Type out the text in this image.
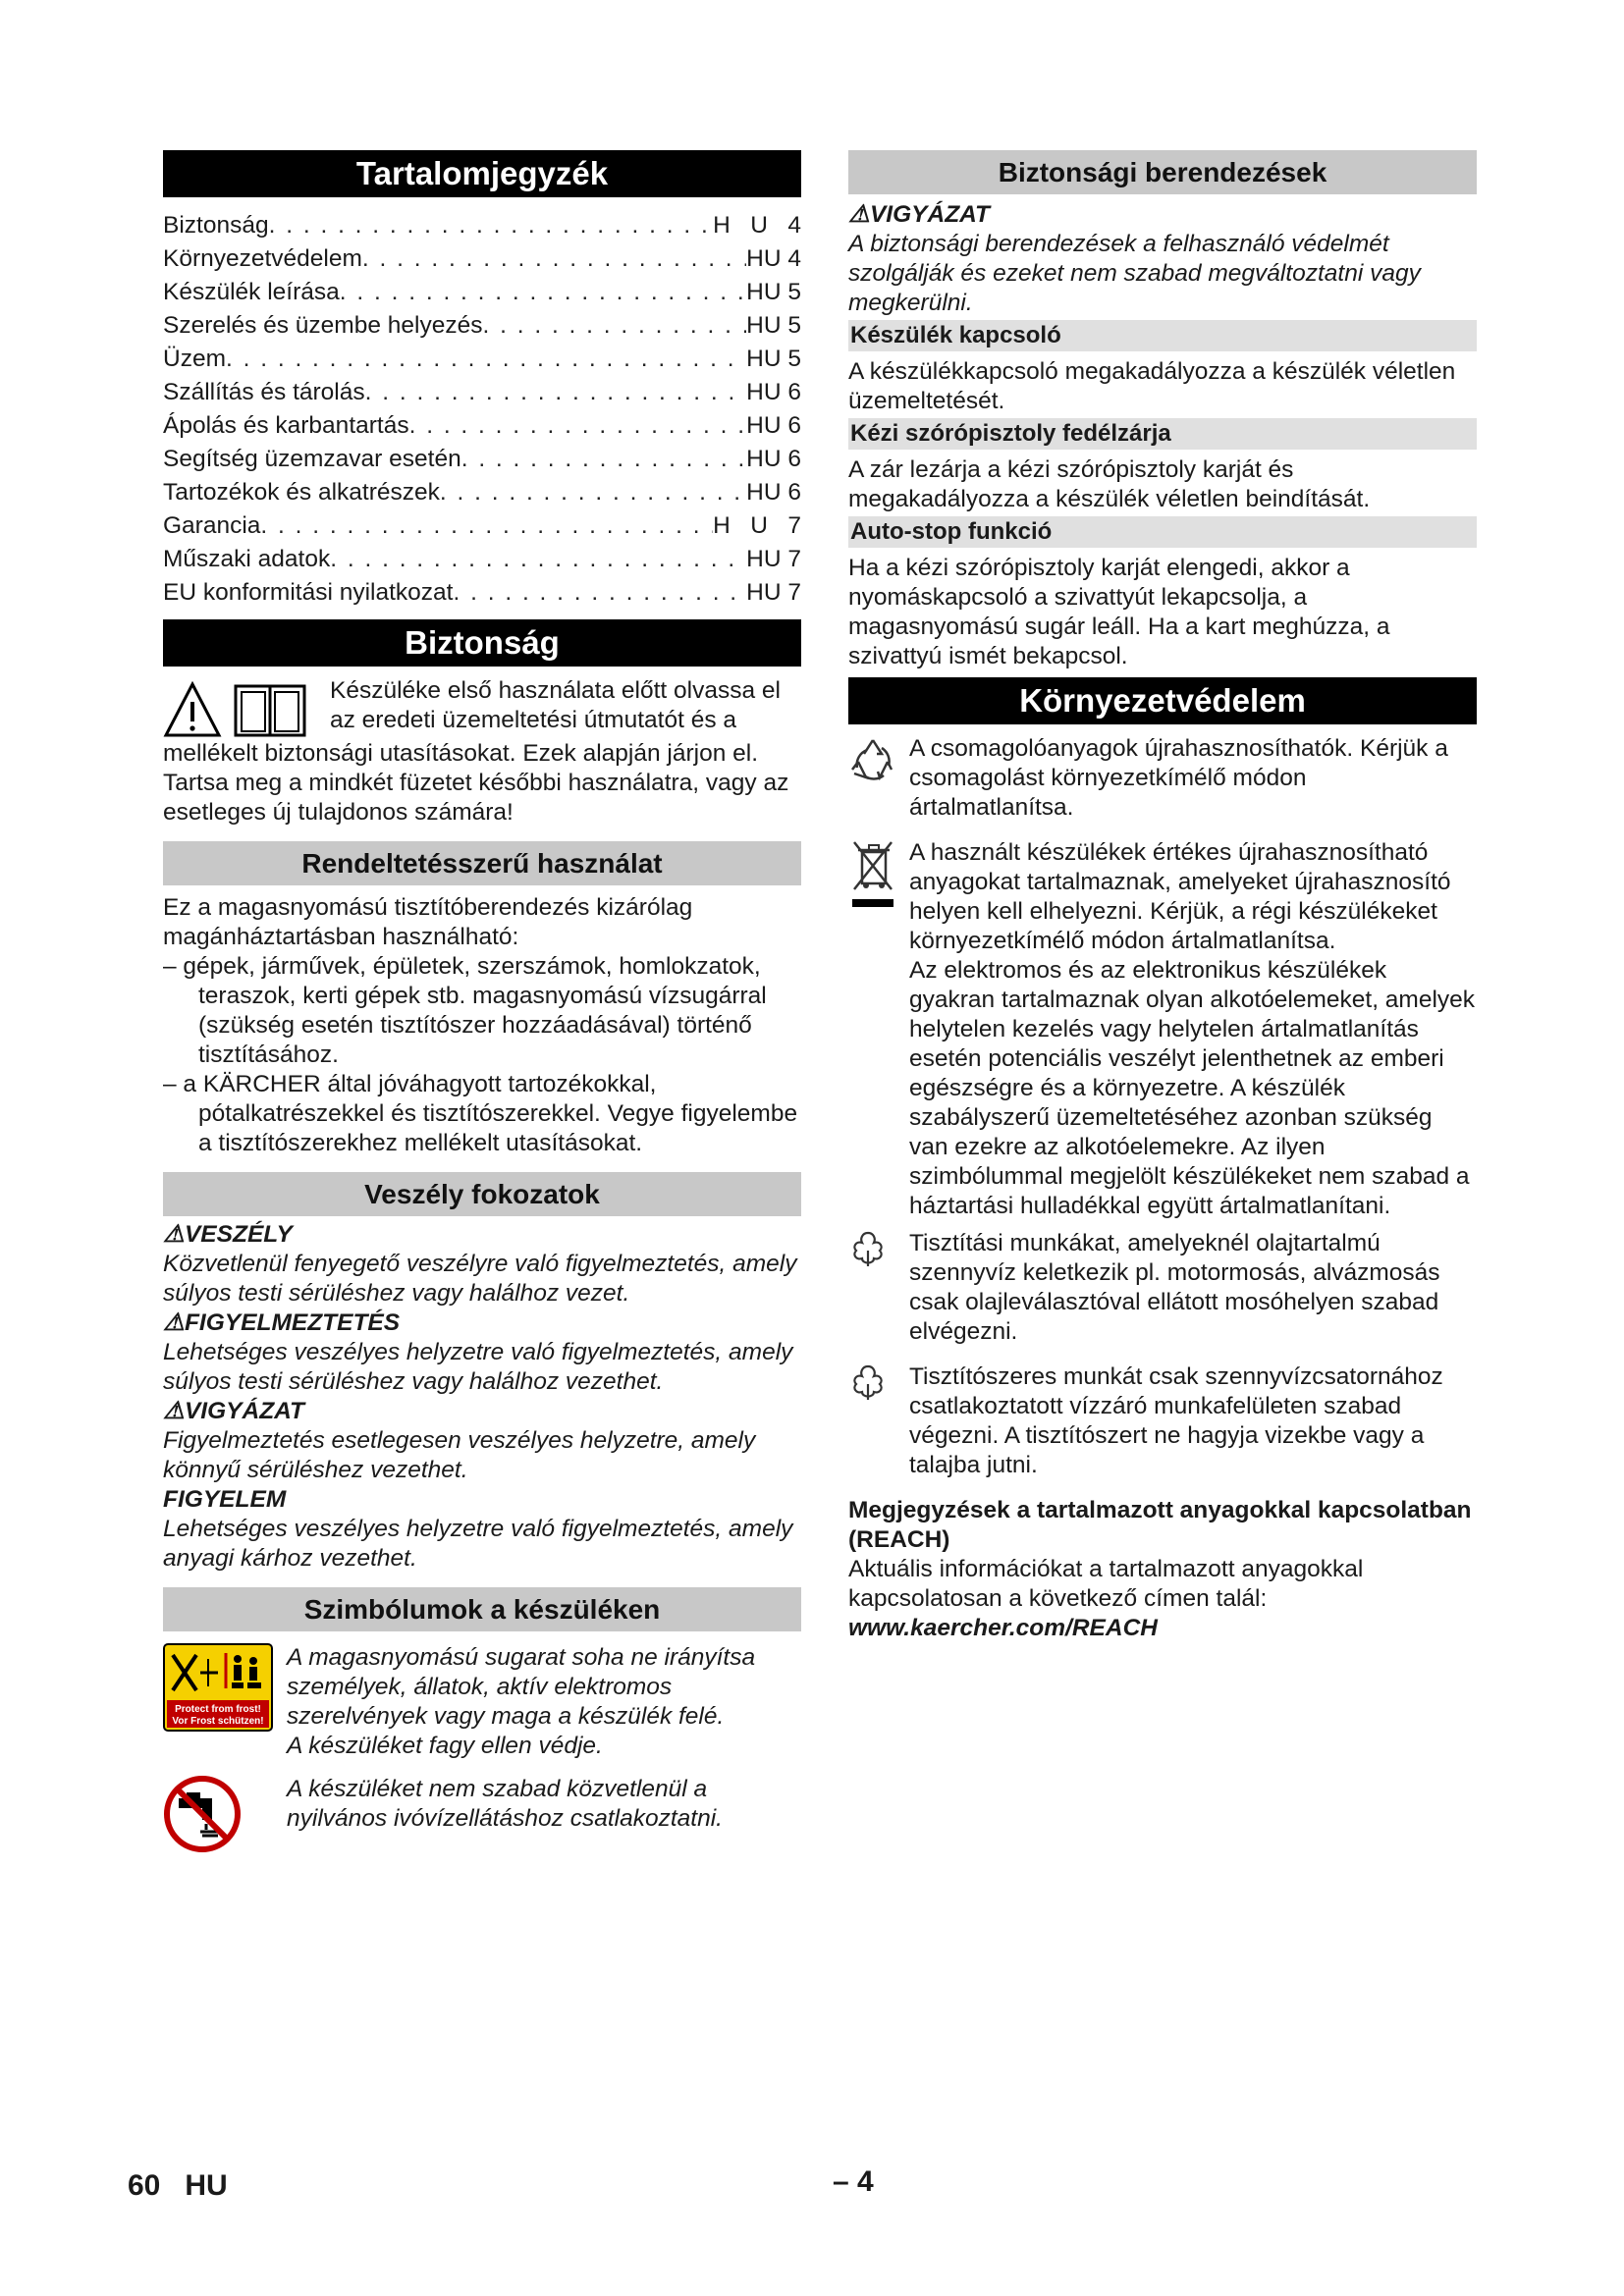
Tartalomjegyzék
Biztonság . . .	H   U   4
Környezetvédelem . . .	HU 4
Készülék leírása . . .	HU 5
Szerelés és üzembe helyezés . . .	HU 5
Üzem . . .	HU 5
Szállítás és tárolás . . .	HU 6
Ápolás és karbantartás . . .	HU 6
Segítség üzemzavar esetén . . .	HU 6
Tartozékok és alkatrészek . . .	HU 6
Garancia . . .	H   U   7
Műszaki adatok . . .	HU 7
EU konformitási nyilatkozat . . .	HU 7
Biztonság

Készüléke első használata előtt olvassa el az eredeti üzemeltetési útmutatót és a

mellékelt biztonsági utasításokat. Ezek alapján járjon el. Tartsa meg a mindkét füzetet későbbi használatra, vagy az esetleges új tulajdonos számára!

Rendeltetésszerű használat

Ez a magasnyomású tisztítóberendezés kizárólag magánháztartásban használható:

– gépek, járművek, épületek, szerszámok, homlokzatok, teraszok, kerti gépek stb. magasnyomású vízsugárral (szükség esetén tisztítószer hozzáadásával) történő tisztításához.

– a KÄRCHER által jóváhagyott tartozékokkal, pótalkatrészekkel és tisztítószerekkel. Vegye figyelembe a tisztítószerekhez mellékelt utasításokat.

Veszély fokozatok

⚠VESZÉLY

Közvetlenül fenyegető veszélyre való figyelmeztetés, amely súlyos testi sérüléshez vagy halálhoz vezet.

⚠FIGYELMEZTETÉS

Lehetséges veszélyes helyzetre való figyelmeztetés, amely súlyos testi sérüléshez vagy halálhoz vezethet.

⚠VIGYÁZAT

Figyelmeztetés esetlegesen veszélyes helyzetre, amely könnyű sérüléshez vezethet.

FIGYELEM

Lehetséges veszélyes helyzetre való figyelmeztetés, amely anyagi kárhoz vezethet.

Szimbólumok a készüléken
Protect from frost!
Vor Frost schützen!

A magasnyomású sugarat soha ne irányítsa személyek, állatok, aktív elektromos szerelvények vagy maga a készülék felé.

A készüléket fagy ellen védje.

A készüléket nem szabad közvetlenül a nyilvános ivóvízellátáshoz csatlakoztatni.

Biztonsági berendezések

⚠VIGYÁZAT

A biztonsági berendezések a felhasználó védelmét szolgálják és ezeket nem szabad megváltoztatni vagy megkerülni.

Készülék kapcsoló

A készülékkapcsoló megakadályozza a készülék véletlen üzemeltetését.

Kézi szórópisztoly fedélzárja

A zár lezárja a kézi szórópisztoly karját és megakadályozza a készülék véletlen beindítását.

Auto-stop funkció

Ha a kézi szórópisztoly karját elengedi, akkor a nyomáskapcsoló a szivattyút lekapcsolja, a magasnyomású sugár leáll. Ha a kart meghúzza, a szivattyú ismét bekapcsol.

Környezetvédelem
A csomagolóanyagok újrahasznosíthatók. Kérjük a csomagolást környezetkímélő módon ártalmatlanítsa.

A használt készülékek értékes újrahasznosítható anyagokat tartalmaznak, amelyeket újrahasznosító helyen kell elhelyezni. Kérjük, a régi készülékeket környezetkímélő módon ártalmatlanítsa.

Az elektromos és az elektronikus készülékek gyakran tartalmaznak olyan alkotóelemeket, amelyek helytelen kezelés vagy helytelen ártalmatlanítás esetén potenciális veszélyt jelenthetnek az emberi egészségre és a környezetre. A készülék szabályszerű üzemeltetéséhez azonban szükség van ezekre az alkotóelemekre. Az ilyen szimbólummal megjelölt készülékeket nem szabad a háztartási hulladékkal együtt ártalmatlanítani.

Tisztítási munkákat, amelyeknél olajtartalmú szennyvíz keletkezik pl. motormosás, alvázmosás csak olajleválasztóval ellátott mosóhelyen szabad elvégezni.
Tisztítószeres munkát csak szennyvízcsatornához csatlakoztatott vízzáró munkafelületen szabad végezni. A tisztítószert ne hagyja vizekbe vagy a talajba jutni.

Megjegyzések a tartalmazott anyagokkal kapcsolatban (REACH)

Aktuális információkat a tartalmazott anyagokkal kapcsolatosan a következő címen talál:

www.kaercher.com/REACH

60 HU	– 4
